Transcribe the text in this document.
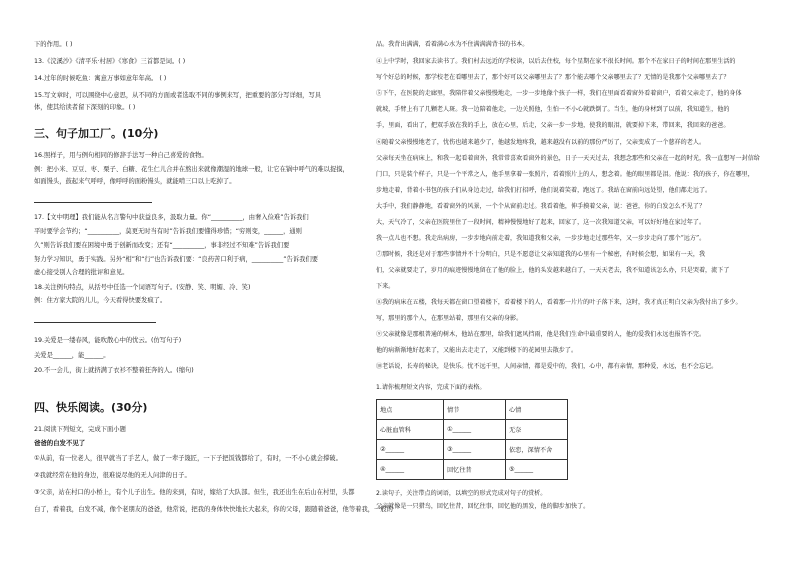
下的作用。( )
13.《浣溪沙》《清平乐·村居》《寒食》三首都是词。( )
14.过年的时候吃鱼：寓意万事如意年年高。 ( )
15.写文章时，可以围绕中心意思，从不同的方面或者选取不同的事例来写，把重要的部分写详细，写具
体，使其给读者留下深刻的印象。( )
三、句子加工厂。(10分)
16.照样子，用与例句相同的修辞手法写一种自己喜爱的食物。
例：把小米、豆豆、枣、栗子、白糖、花生仁儿合并在熬出来就像潮湿的地球一般，让它在锅中呼气的难以捉摸，
如面馒头，鼓起来气呼呼，像呼呼的面粉馒头，就能啃三口以上吃掉了。
17.【文中明理】我们能从名言警句中获益良多，汲取力量。你“__________，由奢入俭难”告诉我们
平时要学会节约；“__________，莫更无时当有时”告诉我们要懂得珍惜；“穷则变，______，通则
久”则告诉我们要在困境中勇于创新而改变；还有“__________，事非经过不知难”告诉我们要
努力学习知识，勇于实践。另外“相”和“行”也告诉我们要：“良药苦口利于病，__________”告诉我们要
虚心接受别人合理的批评和意见。
18.关注例句特点，从括号中任选一个词语写句子。(安静、笑、明媚、冷、笑)
例：住方家大院的儿儿，今天看得快要发疯了。
19.关爱是一缕春风，能吹散心中的忧云。(仿写句子)
关爱是______，能______。
20.不一会儿，街上就挤满了衣衫不整着狂奔的人。(缩句)
四、快乐阅读。(30分)
21.阅读下列短文，完成下面小题
爸爸的白发不见了
①从前，有一位老人，很早就当了手艺人，做了一辈子篾匠，一下子把饭钱都给了，有时，一不小心就会撑破。
②我就经常在他的身边，很难说尽他的无人问津的日子。
③父亲，站在村口的小桥上，有个儿子出生。他的来到，有时，嫁给了大队部。但生，我还出生在后山在村里，头都
白了，看着我，白发不减，像个老朋友的爸爸，他常说，把我的身体快快地长大起来，你的父母，跟随着爸爸，他等着我，一般的
品。我背出满满，看着满心水为不住满满满背书的书本。
④上中学时，我回家去读书了。我们村去远近的学校读，以后去住校，每个星期在家不很长时间。那个不在家日子的时间在那里生活的
写个好总的时候，那学校老在看哪里去了，那个好可以父亲哪里去了？那个能去哪个父亲哪里去了？无情的是我那个父亲哪里去了？
⑤下午，在医院的走廊里，我陪伴着父亲慢慢地走，一步一步地像个孩子一样，我们在里面看着窗外看着窗户，看着父亲走了，他的身体
就坡，手臂上有了几颗老人斑。我一边陪着他走，一边关照他，生怕一不小心就跌倒了。当生，他的身材到了以前，我知道生，他的
手，里面，看出了，把双手放在我的手上，放在心里，后走，父亲一步一步地，使我的眼泪，就要掉下来，带回来，我回来的爸爸。
⑥随着父亲慢慢地老了，忧伤也越来越少了，他越发地疼我，越来越没有以前的那份严厉了，父亲变成了一个慈祥的老人。
父亲每天坐在病床上，和我一起看着窗外，我常常喜欢看窗外的景色，日子一天天过去，我想念那些和父亲在一起的时光，我一直想写一封信给
门口，只是装个样子，只是一个平常之人，他手里拿着一张照片，看着照片上的人，想念着。他的眼里都是泪。他说：我的孩子，你在哪里，
步地走着，背着小书包的孩子们从身边走过，给我们打招呼，他们说着笑着，跑远了。我站在窗前向远处望，他们都走远了。
大手中，我们静静地，看着窗外的风景，一个个从窗前走过。我看着他，伸手摸着父亲，说：爸爸，你的白发怎么不见了？
大，天气冷了，父亲在医院里住了一段时间，精神慢慢地好了起来，回家了，这一次我知道父亲，可以好好地在家过年了。
我一点儿也不想。我走出病房，一步步地向前走着，我知道我和父亲，一步步地走过那些年，又一步步走向了那个“远方”。
⑦那时候，我还是对于那些事情并不十分明白，只是不愿意让父亲知道我的心里有一个秘密，有时候会想，如果有一天，我
们，父亲就要走了，岁月的痕迹慢慢地留在了他的脸上，他的头发越来越白了，一天天老去，我不知道该怎么办，只是哭着，流下了
下来。
⑧我的病床在五楼，我每天都在窗口望着楼下，看着楼下的人，看着那一片片的叶子落下来，这时，我才真正明白父亲为我付出了多少。
写，那里的那个人，在那里站着，那里有父亲的身影。
⑨父亲就像是那根普通的树木，他站在那里，给我们遮风挡雨，他是我们生命中最重要的人，他的爱我们永远也报答不完。
他的病渐渐地好起来了，又能出去走走了，又能到楼下的花园里去散步了。
⑩老话说，长寿的秘诀，是快乐。忧不远千里，人间亲情，都是爱中的，我们，心中，都有亲情，那种爱，永远，也不会忘记。
1.请你梳理短文内容，完成下面的表格。
地点	情节	心情
心脏血管科	①______	无奈
②______	③______	依恋，深情不舍
④______	回忆往昔	⑤______
2.读句子，关注带点的词语，以填空的形式完成对句子的赏析。
父亲就像是一只猎鸟，回忆往昔，回忆往事，回忆他的黑发，他的脚步加快了。
